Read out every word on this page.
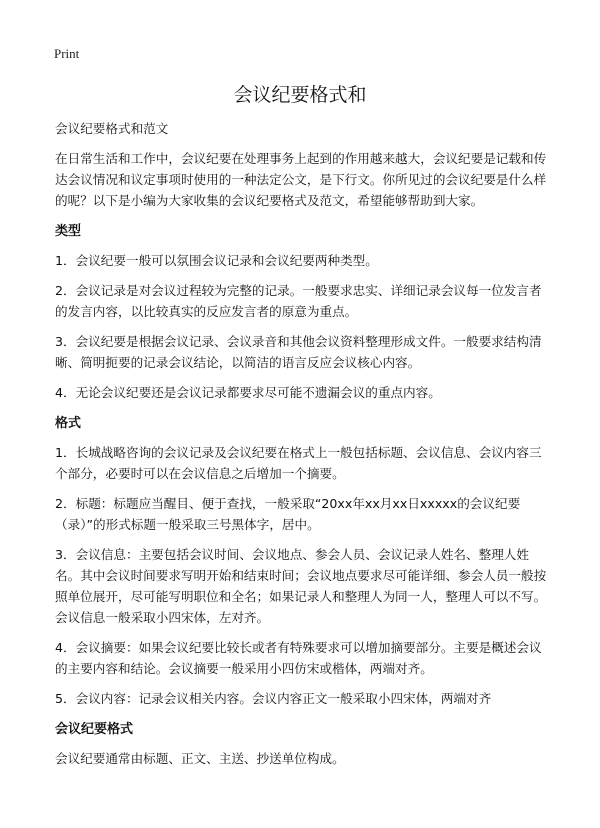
Print
会议纪要格式和

会议纪要格式和范文

在日常生活和工作中，会议纪要在处理事务上起到的作用越来越大，会议纪要是记载和传达会议情况和议定事项时使用的一种法定公文，是下行文。你所见过的会议纪要是什么样的呢？以下是小编为大家收集的会议纪要格式及范文，希望能够帮助到大家。

类型

1．会议纪要一般可以氛围会议记录和会议纪要两种类型。

2．会议记录是对会议过程较为完整的记录。一般要求忠实、详细记录会议每一位发言者的发言内容，以比较真实的反应发言者的原意为重点。

3．会议纪要是根据会议记录、会议录音和其他会议资料整理形成文件。一般要求结构清晰、简明扼要的记录会议结论，以简洁的语言反应会议核心内容。

4．无论会议纪要还是会议记录都要求尽可能不遗漏会议的重点内容。

格式

1．长城战略咨询的会议记录及会议纪要在格式上一般包括标题、会议信息、会议内容三个部分，必要时可以在会议信息之后增加一个摘要。

2．标题：标题应当醒目、便于查找，一般采取“20xx年xx月xx日xxxxx的会议纪要（录）”的形式标题一般采取三号黑体字，居中。

3．会议信息：主要包括会议时间、会议地点、参会人员、会议记录人姓名、整理人姓名。其中会议时间要求写明开始和结束时间；会议地点要求尽可能详细、参会人员一般按照单位展开，尽可能写明职位和全名；如果记录人和整理人为同一人，整理人可以不写。会议信息一般采取小四宋体，左对齐。

4．会议摘要：如果会议纪要比较长或者有特殊要求可以增加摘要部分。主要是概述会议的主要内容和结论。会议摘要一般采用小四仿宋或楷体，两端对齐。

5．会议内容：记录会议相关内容。会议内容正文一般采取小四宋体，两端对齐

会议纪要格式

会议纪要通常由标题、正文、主送、抄送单位构成。
